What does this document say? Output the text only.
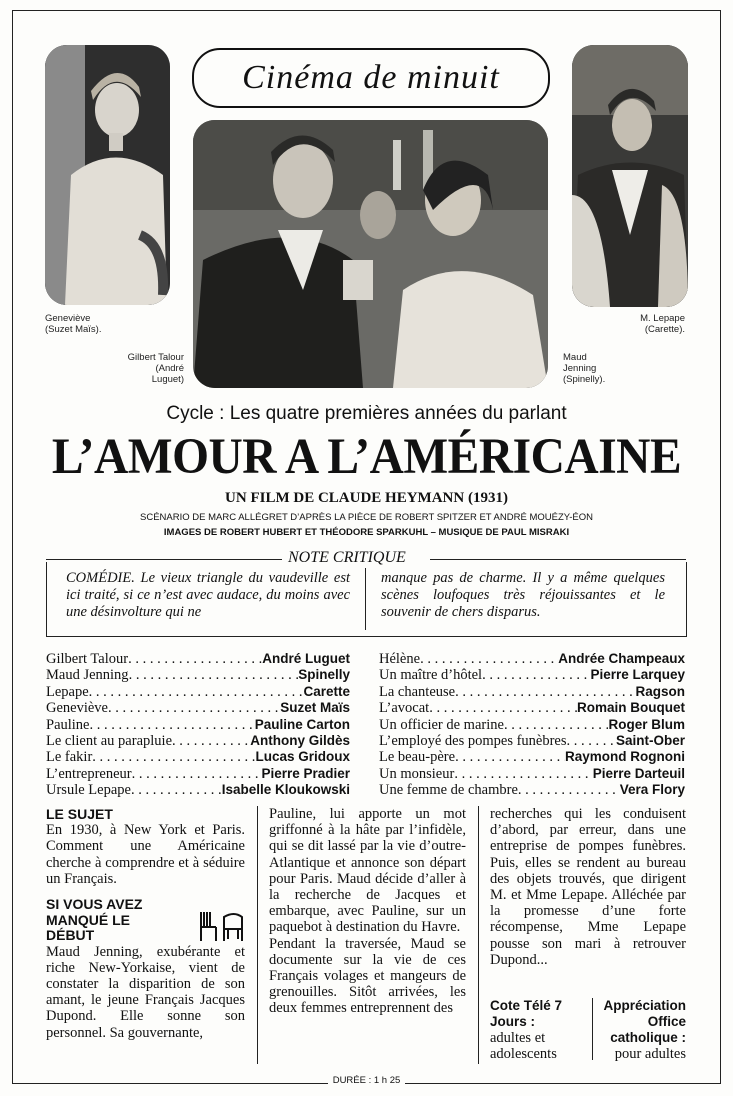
Geneviève
(Suzet Maïs).
Gilbert Talour
(André
Luguet)
M. Lepape
(Carette).
Maud
Jenning
(Spinelly).
Cinéma de minuit
Cycle : Les quatre premières années du parlant
L’AMOUR A L’AMÉRICAINE
UN FILM DE CLAUDE HEYMANN (1931)
SCÉNARIO DE MARC ALLÉGRET D’APRÈS LA PIÈCE DE ROBERT SPITZER ET ANDRÉ MOUÉZY-ÉON
IMAGES DE ROBERT HUBERT ET THÉODORE SPARKUHL – MUSIQUE DE PAUL MISRAKI
NOTE CRITIQUE
COMÉDIE. Le vieux triangle du vaudeville est ici traité, si ce n’est avec audace, du moins avec une désinvolture qui ne
manque pas de charme. Il y a même quelques scènes loufoques très réjouissantes et le souvenir de chers disparus.
Gilbert Talour . . .	André Luguet
Maud Jenning . . .	Spinelly
Lepape . . .	Carette
Geneviève . . .	Suzet Maïs
Pauline . . .	Pauline Carton
Le client au parapluie . . .	Anthony Gildès
Le fakir . . .	Lucas Gridoux
L’entrepreneur . . .	Pierre Pradier
Ursule Lepape . . .	Isabelle Kloukowski
Hélène . . .	Andrée Champeaux
Un maître d’hôtel . . .	Pierre Larquey
La chanteuse . . .	Ragson
L’avocat . . .	Romain Bouquet
Un officier de marine . . .	Roger Blum
L’employé des pompes funèbres . . .	Saint-Ober
Le beau-père . . .	Raymond Rognoni
Un monsieur . . .	Pierre Darteuil
Une femme de chambre . . .	Vera Flory
LE SUJET
En 1930, à New York et Paris. Comment une Américaine cherche à comprendre et à séduire un Français.
SI VOUS AVEZ MANQUÉ LE DÉBUT
Maud Jenning, exubérante et riche New-Yorkaise, vient de constater la disparition de son amant, le jeune Français Jacques Dupond. Elle sonne son personnel. Sa gouvernante,
Pauline, lui apporte un mot griffonné à la hâte par l’infidèle, qui se dit lassé par la vie d’outre-Atlantique et annonce son départ pour Paris. Maud décide d’aller à la recherche de Jacques et embarque, avec Pauline, sur un paquebot à destination du Havre.
Pendant la traversée, Maud se documente sur la vie de ces Français volages et mangeurs de grenouilles. Sitôt arrivées, les deux femmes entreprennent des
recherches qui les conduisent d’abord, par erreur, dans une entreprise de pompes funèbres. Puis, elles se rendent au bureau des objets trouvés, que dirigent M. et Mme Lepape. Alléchée par la promesse d’une forte récompense, Mme Lepape pousse son mari à retrouver Dupond...
Cote Télé 7 Jours :
adultes et adolescents
Appréciation Office catholique :
pour adultes
DURÉE : 1 h 25
